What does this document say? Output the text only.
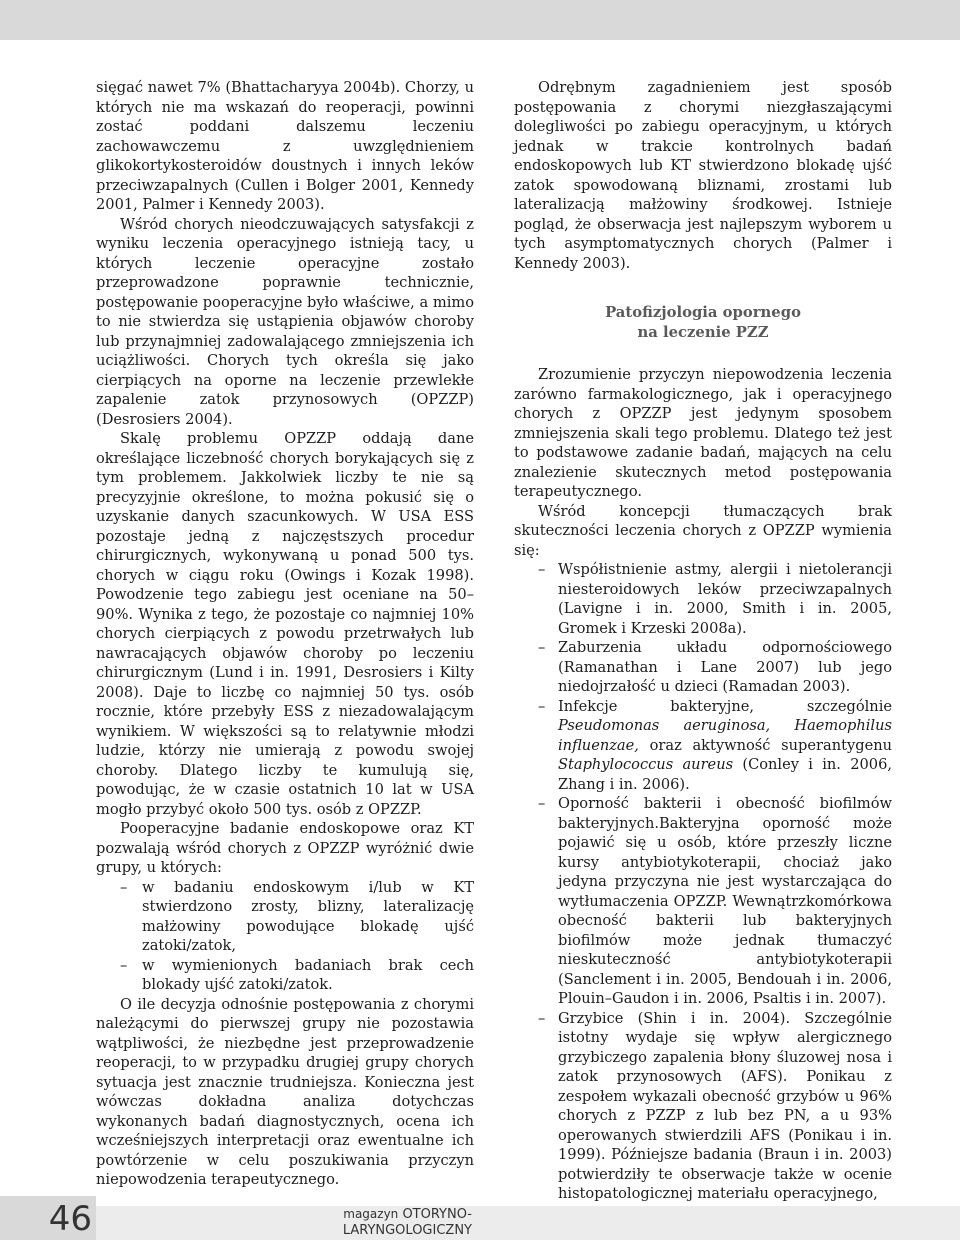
sięgać nawet 7% (Bhattacharyya 2004b). Chorzy, u których nie ma wskazań do reoperacji, powinni zostać poddani dalszemu leczeniu zachowawczemu z uwzględnieniem glikokortykosteroidów doustnych i innych leków przeciwzapalnych (Cullen i Bolger 2001, Kennedy 2001, Palmer i Kennedy 2003).

Wśród chorych nieodczuwających satysfakcji z wyniku leczenia operacyjnego istnieją tacy, u których leczenie operacyjne zostało przeprowadzone poprawnie technicznie, postępowanie pooperacyjne było właściwe, a mimo to nie stwierdza się ustąpienia objawów choroby lub przynajmniej zadowalającego zmniejszenia ich uciążliwości. Chorych tych określa się jako cierpiących na oporne na leczenie przewlekłe zapalenie zatok przynosowych (OPZZP) (Desrosiers 2004).

Skalę problemu OPZZP oddają dane określające liczebność chorych borykających się z tym problemem. Jakkolwiek liczby te nie są precyzyjnie określone, to można pokusić się o uzyskanie danych szacunkowych. W USA ESS pozostaje jedną z najczęstszych procedur chirurgicznych, wykonywaną u ponad 500 tys. chorych w ciągu roku (Owings i Kozak 1998). Powodzenie tego zabiegu jest oceniane na 50–90%. Wynika z tego, że pozostaje co najmniej 10% chorych cierpiących z powodu przetrwałych lub nawracających objawów choroby po leczeniu chirurgicznym (Lund i in. 1991, Desrosiers i Kilty 2008). Daje to liczbę co najmniej 50 tys. osób rocznie, które przebyły ESS z niezadowalającym wynikiem. W większości są to relatywnie młodzi ludzie, którzy nie umierają z powodu swojej choroby. Dlatego liczby te kumulują się, powodując, że w czasie ostatnich 10 lat w USA mogło przybyć około 500 tys. osób z OPZZP.

Pooperacyjne badanie endoskopowe oraz KT pozwalają wśród chorych z OPZZP wyróżnić dwie grupy, u których:

– w badaniu endoskowym i/lub w KT stwierdzono zrosty, blizny, lateralizację małżowiny powodujące blokadę ujść zatoki/zatok,
– w wymienionych badaniach brak cech blokady ujść zatoki/zatok.

O ile decyzja odnośnie postępowania z chorymi należącymi do pierwszej grupy nie pozostawia wątpliwości, że niezbędne jest przeprowadzenie reoperacji, to w przypadku drugiej grupy chorych sytuacja jest znacznie trudniejsza. Konieczna jest wówczas dokładna analiza dotychczas wykonanych badań diagnostycznych, ocena ich wcześniejszych interpretacji oraz ewentualne ich powtórzenie w celu poszukiwania przyczyn niepowodzenia terapeutycznego.

Odrębnym zagadnieniem jest sposób postępowania z chorymi niezgłaszającymi dolegliwości po zabiegu operacyjnym, u których jednak w trakcie kontrolnych badań endoskopowych lub KT stwierdzono blokadę ujść zatok spowodowaną bliznami, zrostami lub lateralizacją małżowiny środkowej. Istnieje pogląd, że obserwacja jest najlepszym wyborem u tych asymptomatycznych chorych (Palmer i Kennedy 2003).

Patofizjologia opornego
na leczenie PZZ

Zrozumienie przyczyn niepowodzenia leczenia zarówno farmakologicznego, jak i operacyjnego chorych z OPZZP jest jedynym sposobem zmniejszenia skali tego problemu. Dlatego też jest to podstawowe zadanie badań, mających na celu znalezienie skutecznych metod postępowania terapeutycznego.

Wśród koncepcji tłumaczących brak skuteczności leczenia chorych z OPZZP wymienia się:

– Współistnienie astmy, alergii i nietolerancji niesteroidowych leków przeciwzapalnych (Lavigne i in. 2000, Smith i in. 2005, Gromek i Krzeski 2008a).
– Zaburzenia układu odpornościowego (Ramanathan i Lane 2007) lub jego niedojrzałość u dzieci (Ramadan 2003).
– Infekcje bakteryjne, szczególnie Pseudomonas aeruginosa, Haemophilus influenzae, oraz aktywność superantygenu Staphylococcus aureus (Conley i in. 2006, Zhang i in. 2006).
– Oporność bakterii i obecność biofilmów bakteryjnych.Bakteryjna oporność może pojawić się u osób, które przeszły liczne kursy antybiotykoterapii, chociaż jako jedyna przyczyna nie jest wystarczająca do wytłumaczenia OPZZP. Wewnątrzkomórkowa obecność bakterii lub bakteryjnych biofilmów może jednak tłumaczyć nieskuteczność antybiotykoterapii (Sanclement i in. 2005, Bendouah i in. 2006, Plouin–Gaudon i in. 2006, Psaltis i in. 2007).
– Grzybice (Shin i in. 2004). Szczególnie istotny wydaje się wpływ alergicznego grzybiczego zapalenia błony śluzowej nosa i zatok przynosowych (AFS). Ponikau z zespołem wykazali obecność grzybów u 96% chorych z PZZP z lub bez PN, a u 93% operowanych stwierdzili AFS (Ponikau i in. 1999). Późniejsze badania (Braun i in. 2003) potwierdziły te obserwacje także w ocenie histopatologicznej materiału operacyjnego,
46	magazyn OTORYNO-
LARYNGOLOGICZNY
